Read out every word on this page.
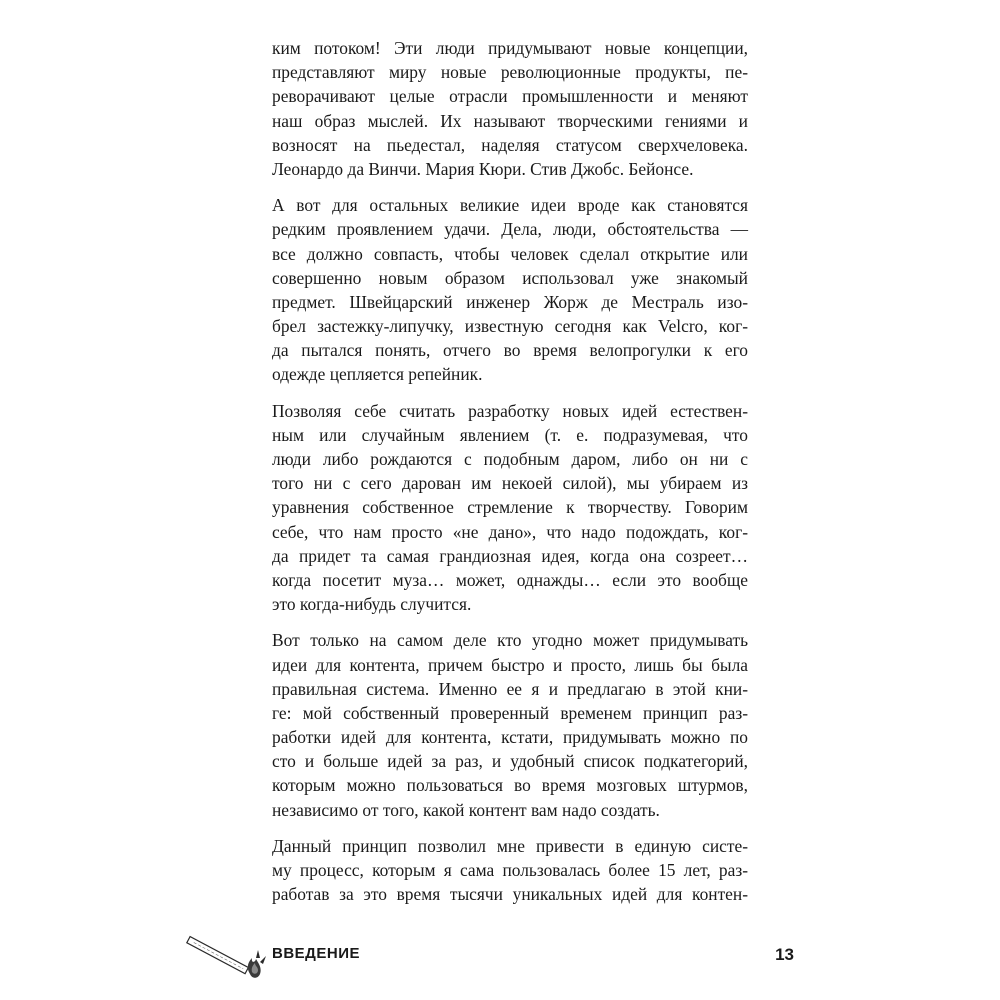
ким потоком! Эти люди придумывают новые концепции,
представляют миру новые революционные продукты, пе-
реворачивают целые отрасли промышленности и меняют
наш образ мыслей. Их называют творческими гениями и
возносят на пьедестал, наделяя статусом сверхчеловека.
Леонардо да Винчи. Мария Кюри. Стив Джобс. Бейонсе.
А вот для остальных великие идеи вроде как становятся
редким проявлением удачи. Дела, люди, обстоятельства —
все должно совпасть, чтобы человек сделал открытие или
совершенно новым образом использовал уже знакомый
предмет. Швейцарский инженер Жорж де Местраль изо-
брел застежку-липучку, известную сегодня как Velcro, ког-
да пытался понять, отчего во время велопрогулки к его
одежде цепляется репейник.
Позволяя себе считать разработку новых идей естествен-
ным или случайным явлением (т. е. подразумевая, что
люди либо рождаются с подобным даром, либо он ни с
того ни с сего дарован им некоей силой), мы убираем из
уравнения собственное стремление к творчеству. Говорим
себе, что нам просто «не дано», что надо подождать, ког-
да придет та самая грандиозная идея, когда она созреет…
когда посетит муза… может, однажды… если это вообще
это когда-нибудь случится.
Вот только на самом деле кто угодно может придумывать
идеи для контента, причем быстро и просто, лишь бы была
правильная система. Именно ее я и предлагаю в этой кни-
ге: мой собственный проверенный временем принцип раз-
работки идей для контента, кстати, придумывать можно по
сто и больше идей за раз, и удобный список подкатегорий,
которым можно пользоваться во время мозговых штурмов,
независимо от того, какой контент вам надо создать.
Данный принцип позволил мне привести в единую систе-
му процесс, которым я сама пользовалась более 15 лет, раз-
работав за это время тысячи уникальных идей для контен-
ВВЕДЕНИЕ	13
